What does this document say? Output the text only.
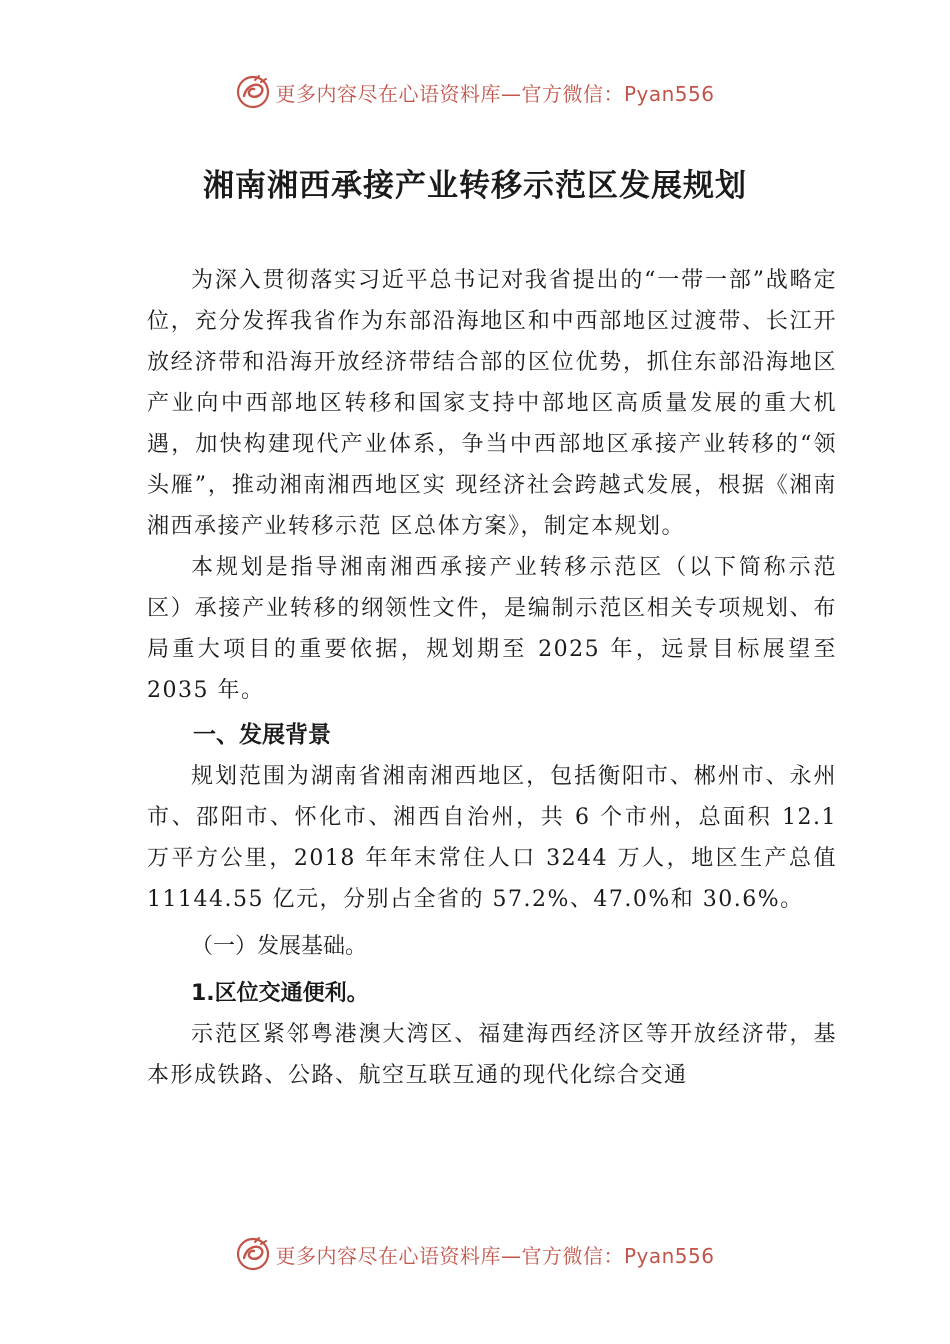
更多内容尽在心语资料库—官方微信：Pyan556
湘南湘西承接产业转移示范区发展规划

为深入贯彻落实习近平总书记对我省提出的“一带一部”战略定位，充分发挥我省作为东部沿海地区和中西部地区过渡带、长江开放经济带和沿海开放经济带结合部的区位优势，抓住东部沿海地区产业向中西部地区转移和国家支持中部地区高质量发展的重大机遇，加快构建现代产业体系，争当中西部地区承接产业转移的“领头雁”，推动湘南湘西地区实 现经济社会跨越式发展，根据《湘南湘西承接产业转移示范 区总体方案》，制定本规划。

本规划是指导湘南湘西承接产业转移示范区（以下简称示范区）承接产业转移的纲领性文件，是编制示范区相关专项规划、布局重大项目的重要依据，规划期至 2025 年，远景目标展望至 2035 年。

一、发展背景

规划范围为湖南省湘南湘西地区，包括衡阳市、郴州市、永州市、邵阳市、怀化市、湘西自治州，共 6 个市州，总面积 12.1 万平方公里，2018 年年末常住人口 3244 万人，地区生产总值 11144.55 亿元，分别占全省的 57.2%、47.0%和 30.6%。

（一）发展基础。

1.区位交通便利。

示范区紧邻粤港澳大湾区、福建海西经济区等开放经济带，基本形成铁路、公路、航空互联互通的现代化综合交通

更多内容尽在心语资料库—官方微信：Pyan556
